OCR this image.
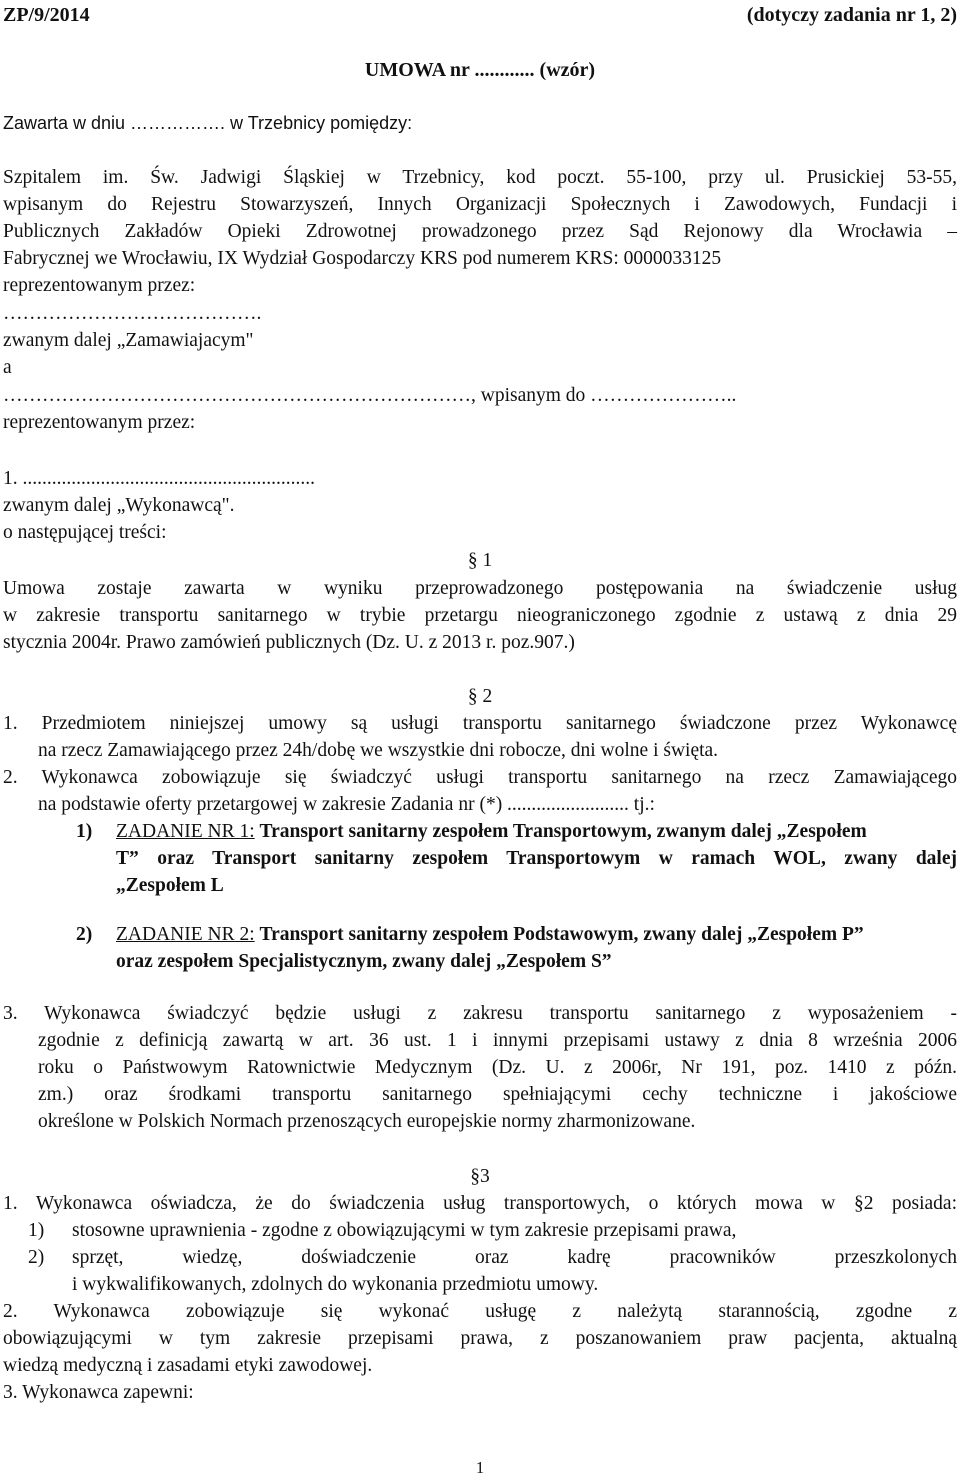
ZP/9/2014	(dotyczy zadania nr 1, 2)
UMOWA nr ............ (wzór)
Zawarta w dniu ……………. w Trzebnicy pomiędzy:
Szpitalem im. Św. Jadwigi Śląskiej w Trzebnicy, kod poczt. 55-100, przy ul. Prusickiej 53-55,
wpisanym do Rejestru Stowarzyszeń, Innych Organizacji Społecznych i Zawodowych, Fundacji i
Publicznych Zakładów Opieki Zdrowotnej prowadzonego przez Sąd Rejonowy dla Wrocławia –
Fabrycznej we Wrocławiu, IX Wydział Gospodarczy KRS pod numerem KRS: 0000033125
reprezentowanym przez:
………………………………….
zwanym dalej „Zamawiajacym"
a
………………………………………………………………, wpisanym do …………………..
reprezentowanym przez:
1. ............................................................
zwanym dalej „Wykonawcą".
o następującej treści:
§ 1
Umowa zostaje zawarta w wyniku przeprowadzonego postępowania na świadczenie usług
w zakresie transportu sanitarnego w trybie przetargu nieograniczonego zgodnie z ustawą z dnia 29
stycznia 2004r. Prawo zamówień publicznych (Dz. U. z 2013 r. poz.907.)
§ 2
1. Przedmiotem niniejszej umowy są usługi transportu sanitarnego świadczone przez Wykonawcę
na rzecz Zamawiającego przez 24h/dobę we wszystkie dni robocze, dni wolne i święta.
2. Wykonawca zobowiązuje się świadczyć usługi transportu sanitarnego na rzecz Zamawiającego
na podstawie oferty przetargowej w zakresie Zadania nr (*) ......................... tj.:
1)	ZADANIE NR 1: Transport sanitarny zespołem Transportowym, zwanym dalej „Zespołem
T” oraz Transport sanitarny zespołem Transportowym w ramach WOL, zwany dalej
„Zespołem L
2)	ZADANIE NR 2: Transport sanitarny zespołem Podstawowym, zwany dalej „Zespołem P”
oraz zespołem Specjalistycznym, zwany dalej „Zespołem S”
3. Wykonawca świadczyć będzie usługi z zakresu transportu sanitarnego z wyposażeniem -
zgodnie z definicją zawartą w art. 36 ust. 1 i innymi przepisami ustawy z dnia 8 września 2006
roku o Państwowym Ratownictwie Medycznym (Dz. U. z 2006r, Nr 191, poz. 1410 z późn.
zm.) oraz środkami transportu sanitarnego spełniającymi cechy techniczne i jakościowe
określone w Polskich Normach przenoszących europejskie normy zharmonizowane.
§3
1. Wykonawca oświadcza, że do świadczenia usług transportowych, o których mowa w §2 posiada:
1)	stosowne uprawnienia - zgodne z obowiązującymi w tym zakresie przepisami prawa,
2)	sprzęt, wiedzę, doświadczenie oraz kadrę pracowników przeszkolonych
i wykwalifikowanych, zdolnych do wykonania przedmiotu umowy.
2. Wykonawca zobowiązuje się wykonać usługę z należytą starannością, zgodne z
obowiązującymi w tym zakresie przepisami prawa, z poszanowaniem praw pacjenta, aktualną
wiedzą medyczną i zasadami etyki zawodowej.
3. Wykonawca zapewni:
1
